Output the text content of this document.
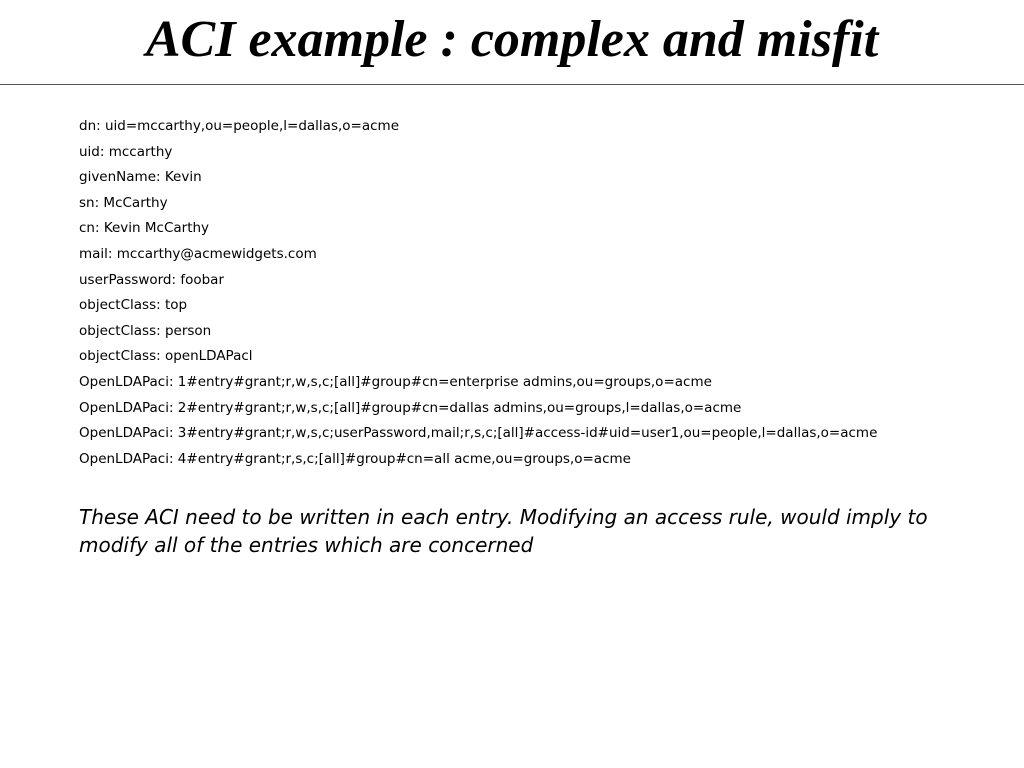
ACI example : complex and misfit
dn: uid=mccarthy,ou=people,l=dallas,o=acme
uid: mccarthy
givenName: Kevin
sn: McCarthy
cn: Kevin McCarthy
mail: mccarthy@acmewidgets.com
userPassword: foobar
objectClass: top
objectClass: person
objectClass: openLDAPacl
OpenLDAPaci: 1#entry#grant;r,w,s,c;[all]#group#cn=enterprise admins,ou=groups,o=acme
OpenLDAPaci: 2#entry#grant;r,w,s,c;[all]#group#cn=dallas admins,ou=groups,l=dallas,o=acme
OpenLDAPaci: 3#entry#grant;r,w,s,c;userPassword,mail;r,s,c;[all]#access-id#uid=user1,ou=people,l=dallas,o=acme
OpenLDAPaci: 4#entry#grant;r,s,c;[all]#group#cn=all acme,ou=groups,o=acme

These ACI need to be written in each entry. Modifying an access rule, would imply to modify all of the entries which are concerned
